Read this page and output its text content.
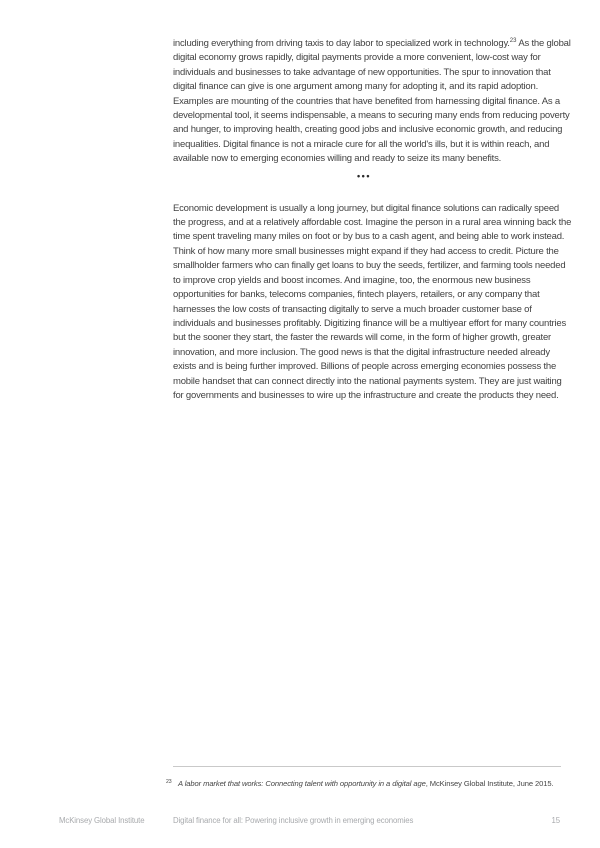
including everything from driving taxis to day labor to specialized work in technology.$^{23}$ As the global digital economy grows rapidly, digital payments provide a more convenient, low-cost way for individuals and businesses to take advantage of new opportunities. The spur to innovation that digital finance can give is one argument among many for adopting it, and its rapid adoption. Examples are mounting of the countries that have benefited from harnessing digital finance. As a developmental tool, it seems indispensable, a means to securing many ends from reducing poverty and hunger, to improving health, creating good jobs and inclusive economic growth, and reducing inequalities. Digital finance is not a miracle cure for all the world's ills, but it is within reach, and available now to emerging economies willing and ready to seize its many benefits.

•••

Economic development is usually a long journey, but digital finance solutions can radically speed the progress, and at a relatively affordable cost. Imagine the person in a rural area winning back the time spent traveling many miles on foot or by bus to a cash agent, and being able to work instead. Think of how many more small businesses might expand if they had access to credit. Picture the smallholder farmers who can finally get loans to buy the seeds, fertilizer, and farming tools needed to improve crop yields and boost incomes. And imagine, too, the enormous new business opportunities for banks, telecoms companies, fintech players, retailers, or any company that harnesses the low costs of transacting digitally to serve a much broader customer base of individuals and businesses profitably. Digitizing finance will be a multiyear effort for many countries but the sooner they start, the faster the rewards will come, in the form of higher growth, greater innovation, and more inclusion. The good news is that the digital infrastructure needed already exists and is being further improved. Billions of people across emerging economies possess the mobile handset that can connect directly into the national payments system. They are just waiting for governments and businesses to wire up the infrastructure and create the products they need.

23 A labor market that works: Connecting talent with opportunity in a digital age, McKinsey Global Institute, June 2015.
McKinsey Global Institute	Digital finance for all: Powering inclusive growth in emerging economies	15
